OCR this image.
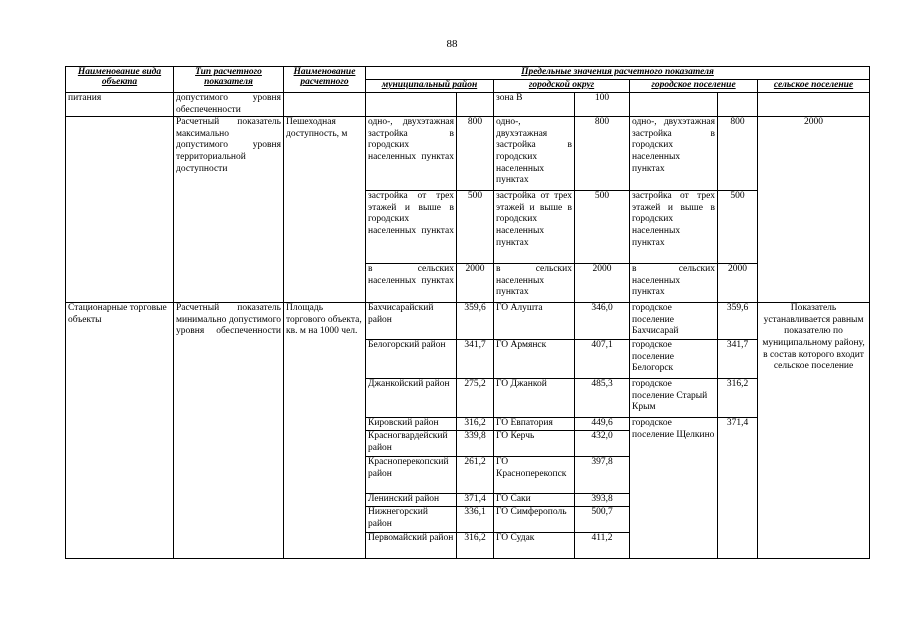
88
Наименование вида объекта	Тип расчетного показателя	Наименование расчетного	Предельные значения расчетного показателя						
			муниципальный район		городской округ		городское поселение		сельское поселение
питания	допустимого уровня обеспеченности				зона В	100			
	Расчетный показатель максимально допустимого уровня территориальной доступности	Пешеходная доступность, м	одно-, двухэтажная застройка в городских населенных пунктах	800	одно-, двухэтажная застройка в городских населенных пунктах	800	одно-, двухэтажная застройка в городских населенных пунктах	800	2000
			застройка от трех этажей и выше в городских населенных пунктах	500	застройка от трех этажей и выше в городских населенных пунктах	500	застройка от трех этажей и выше в городских населенных пунктах	500	
			в сельских населенных пунктах	2000	в сельских населенных пунктах	2000	в сельских населенных пунктах	2000	
Стационарные торговые объекты	Расчетный показатель минимально допустимого уровня обеспеченности	Площадь торгового объекта, кв. м на 1000 чел.	Бахчисарайский район	359,6	ГО Алушта	346,0	городское поселение Бахчисарай	359,6	Показатель устанавливается равным показателю по муниципальному району, в состав которого входит сельское поселение
			Белогорский район	341,7	ГО Армянск	407,1	городское поселение Белогорск	341,7	
			Джанкойский район	275,2	ГО Джанкой	485,3	городское поселение Старый Крым	316,2	
			Кировский район	316,2	ГО Евпатория	449,6	городское поселение Щелкино	371,4	
			Красногвардейский район	339,8	ГО Керчь	432,0			
			Красноперекопский район	261,2	ГО Красноперекопск	397,8			
			Ленинский район	371,4	ГО Саки	393,8			
			Нижнегорский район	336,1	ГО Симферополь	500,7			
			Первомайский район	316,2	ГО Судак	411,2			
